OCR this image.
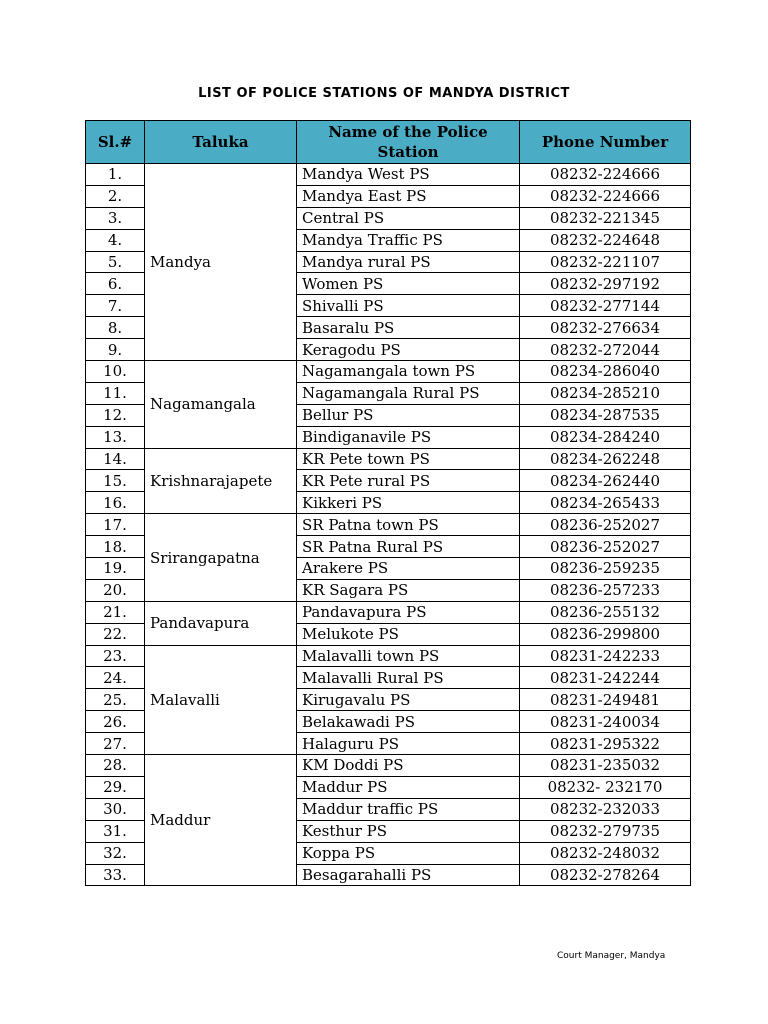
LIST OF POLICE STATIONS OF MANDYA DISTRICT
Sl.#	Taluka	Name of the Police Station	Phone Number
1.	Mandya	Mandya West PS	08232-224666
2.		Mandya East PS	08232-224666
3.		Central PS	08232-221345
4.		Mandya Traffic PS	08232-224648
5.		Mandya rural PS	08232-221107
6.		Women PS	08232-297192
7.		Shivalli PS	08232-277144
8.		Basaralu PS	08232-276634
9.		Keragodu PS	08232-272044
10.	Nagamangala	Nagamangala town PS	08234-286040
11.		Nagamangala Rural PS	08234-285210
12.		Bellur PS	08234-287535
13.		Bindiganavile PS	08234-284240
14.	Krishnarajapete	KR Pete town PS	08234-262248
15.		KR Pete rural PS	08234-262440
16.		Kikkeri PS	08234-265433
17.	Srirangapatna	SR Patna town PS	08236-252027
18.		SR Patna Rural PS	08236-252027
19.		Arakere PS	08236-259235
20.		KR Sagara PS	08236-257233
21.	Pandavapura	Pandavapura PS	08236-255132
22.		Melukote PS	08236-299800
23.	Malavalli	Malavalli town PS	08231-242233
24.		Malavalli Rural PS	08231-242244
25.		Kirugavalu PS	08231-249481
26.		Belakawadi PS	08231-240034
27.		Halaguru PS	08231-295322
28.	Maddur	KM Doddi PS	08231-235032
29.		Maddur PS	08232- 232170
30.		Maddur traffic PS	08232-232033
31.		Kesthur PS	08232-279735
32.		Koppa PS	08232-248032
33.		Besagarahalli PS	08232-278264
Court Manager, Mandya
